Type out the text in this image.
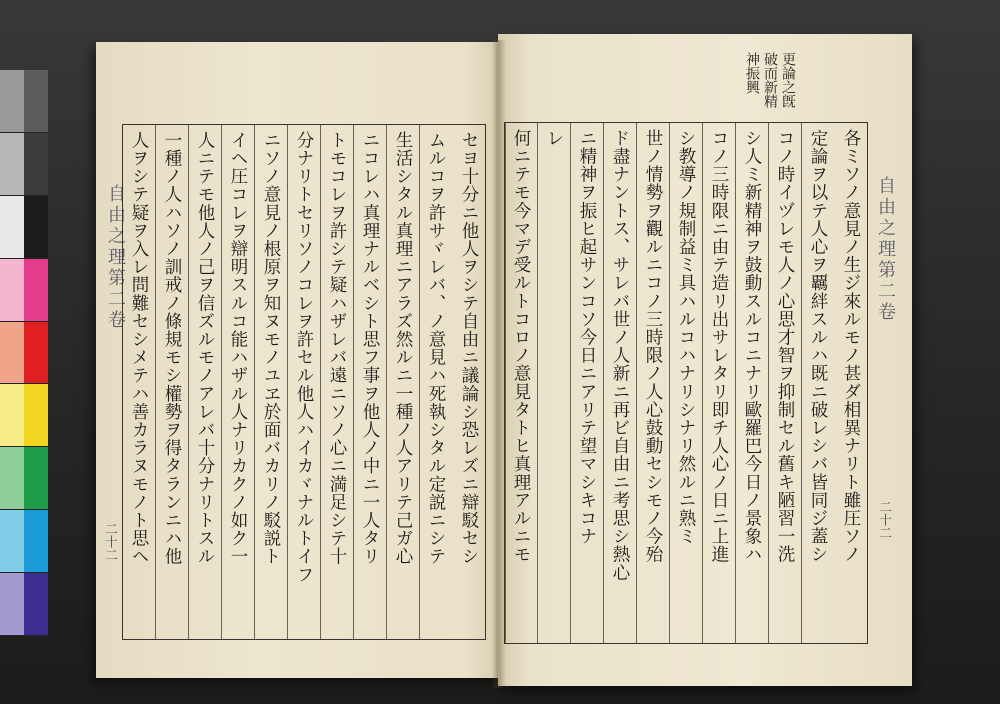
更論之旣
破而新精
神振興
自由之理第二卷
二十二
自由之理第二卷
二十二
セヨ十分ニ他人ヲシテ自由ニ議論シ恐レズニ辯駁セシ
ムルコヲ許サヾレバ、ノ意見ハ死執シタル定説ニシテ
生活シタル真理ニアラズ然ルニ一種ノ人アリテ己ガ心
ニコレハ真理ナルベシト思フ事ヲ他人ノ中ニ一人タリ
トモコレヲ許シテ疑ハザレバ遠ニソノ心ニ満足シテ十
分ナリトセリソノコレヲ許セル他人ハイカヾナルトイフ
ニソノ意見ノ根原ヲ知ヌモノユヱ於面バカリノ駁説ト
イヘ圧コレヲ辯明スルコ能ハザル人ナリカクノ如ク一
人ニテモ他人ノ己ヲ信ズルモノアレバ十分ナリトスル
一種ノ人ハソノ訓戒ノ條規モシ權勢ヲ得タランニハ他
人ヲシテ疑ヲ入レ問難セシメテハ善カラヌモノト思ヘ	各ミソノ意見ノ生ジ來ルモノ甚ダ相異ナリト雖圧ソノ
定論ヲ以テ人心ヲ覊絆スルハ既ニ破レシバ皆同ジ蓋シ
コノ時イヅレモ人ノ心思才智ヲ抑制セル舊キ陋習一洗
シ人ミ新精神ヲ鼓動スルコニナリ歐羅巴今日ノ景象ハ
コノ三時限ニ由テ造リ出サレタリ即チ人心ノ日ニ上進
シ教導ノ規制益ミ具ハルコハナリシナリ然ルニ熟ミ
世ノ情勢ヲ觀ルニコノ三時限ノ人心鼓動セシモノ今殆
ド盡ナントス、サレバ世ノ人新ニ再ビ自由ニ考思シ熱心
ニ精神ヲ振ヒ起サンコソ今日ニアリテ望マシキコナ
レ
何ニテモ今マデ受ルトコロノ意見タトヒ真理アルニモ
